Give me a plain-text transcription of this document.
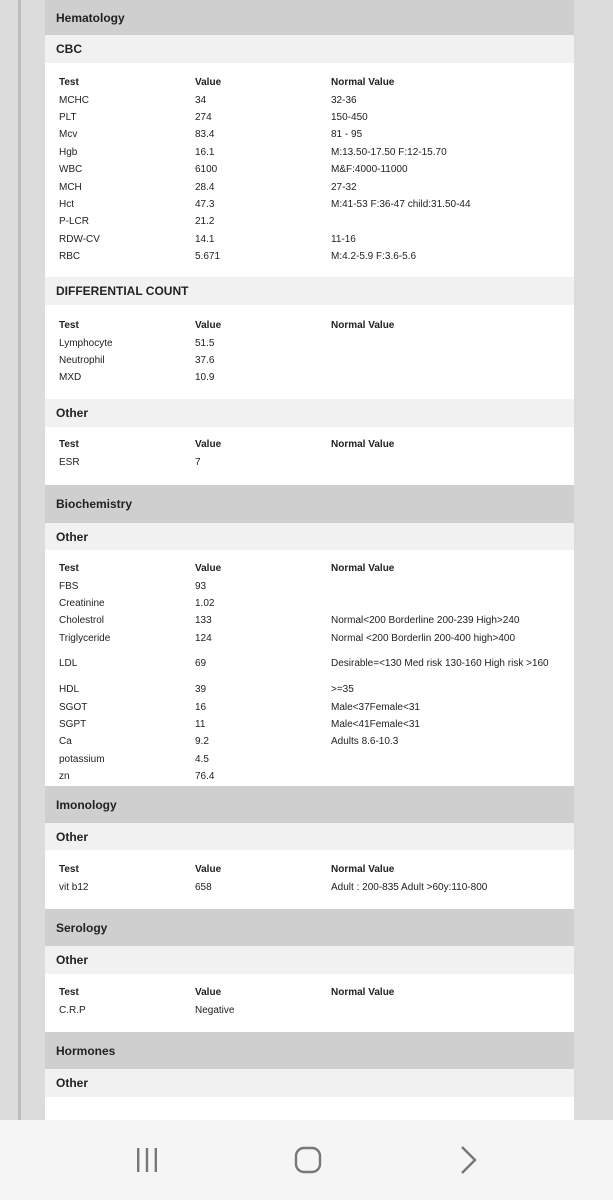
Hematology
CBC
Test	Value	Normal Value
MCHC	34	32-36
PLT	274	150-450
Mcv	83.4	81 - 95
Hgb	16.1	M:13.50-17.50 F:12-15.70
WBC	6100	M&F:4000-11000
MCH	28.4	27-32
Hct	47.3	M:41-53 F:36-47 child:31.50-44
P-LCR	21.2
RDW-CV	14.1	11-16
RBC	5.671	M:4.2-5.9 F:3.6-5.6
DIFFERENTIAL COUNT
Test	Value	Normal Value
Lymphocyte	51.5
Neutrophil	37.6
MXD	10.9
Other
Test	Value	Normal Value
ESR	7
Biochemistry
Other
Test	Value	Normal Value
FBS	93
Creatinine	1.02
Cholestrol	133	Normal<200 Borderline 200-239 High>240
Triglyceride	124	Normal <200 Borderlin 200-400 high>400
LDL	69	Desirable=<130 Med risk 130-160 High risk >160
HDL	39	>=35
SGOT	16	Male<37Female<31
SGPT	11	Male<41Female<31
Ca	9.2	Adults 8.6-10.3
potassium	4.5
zn	76.4
Imonology
Other
Test	Value	Normal Value
vit b12	658	Adult : 200-835 Adult >60y:110-800
Serology
Other
Test	Value	Normal Value
C.R.P	Negative
Hormones
Other
